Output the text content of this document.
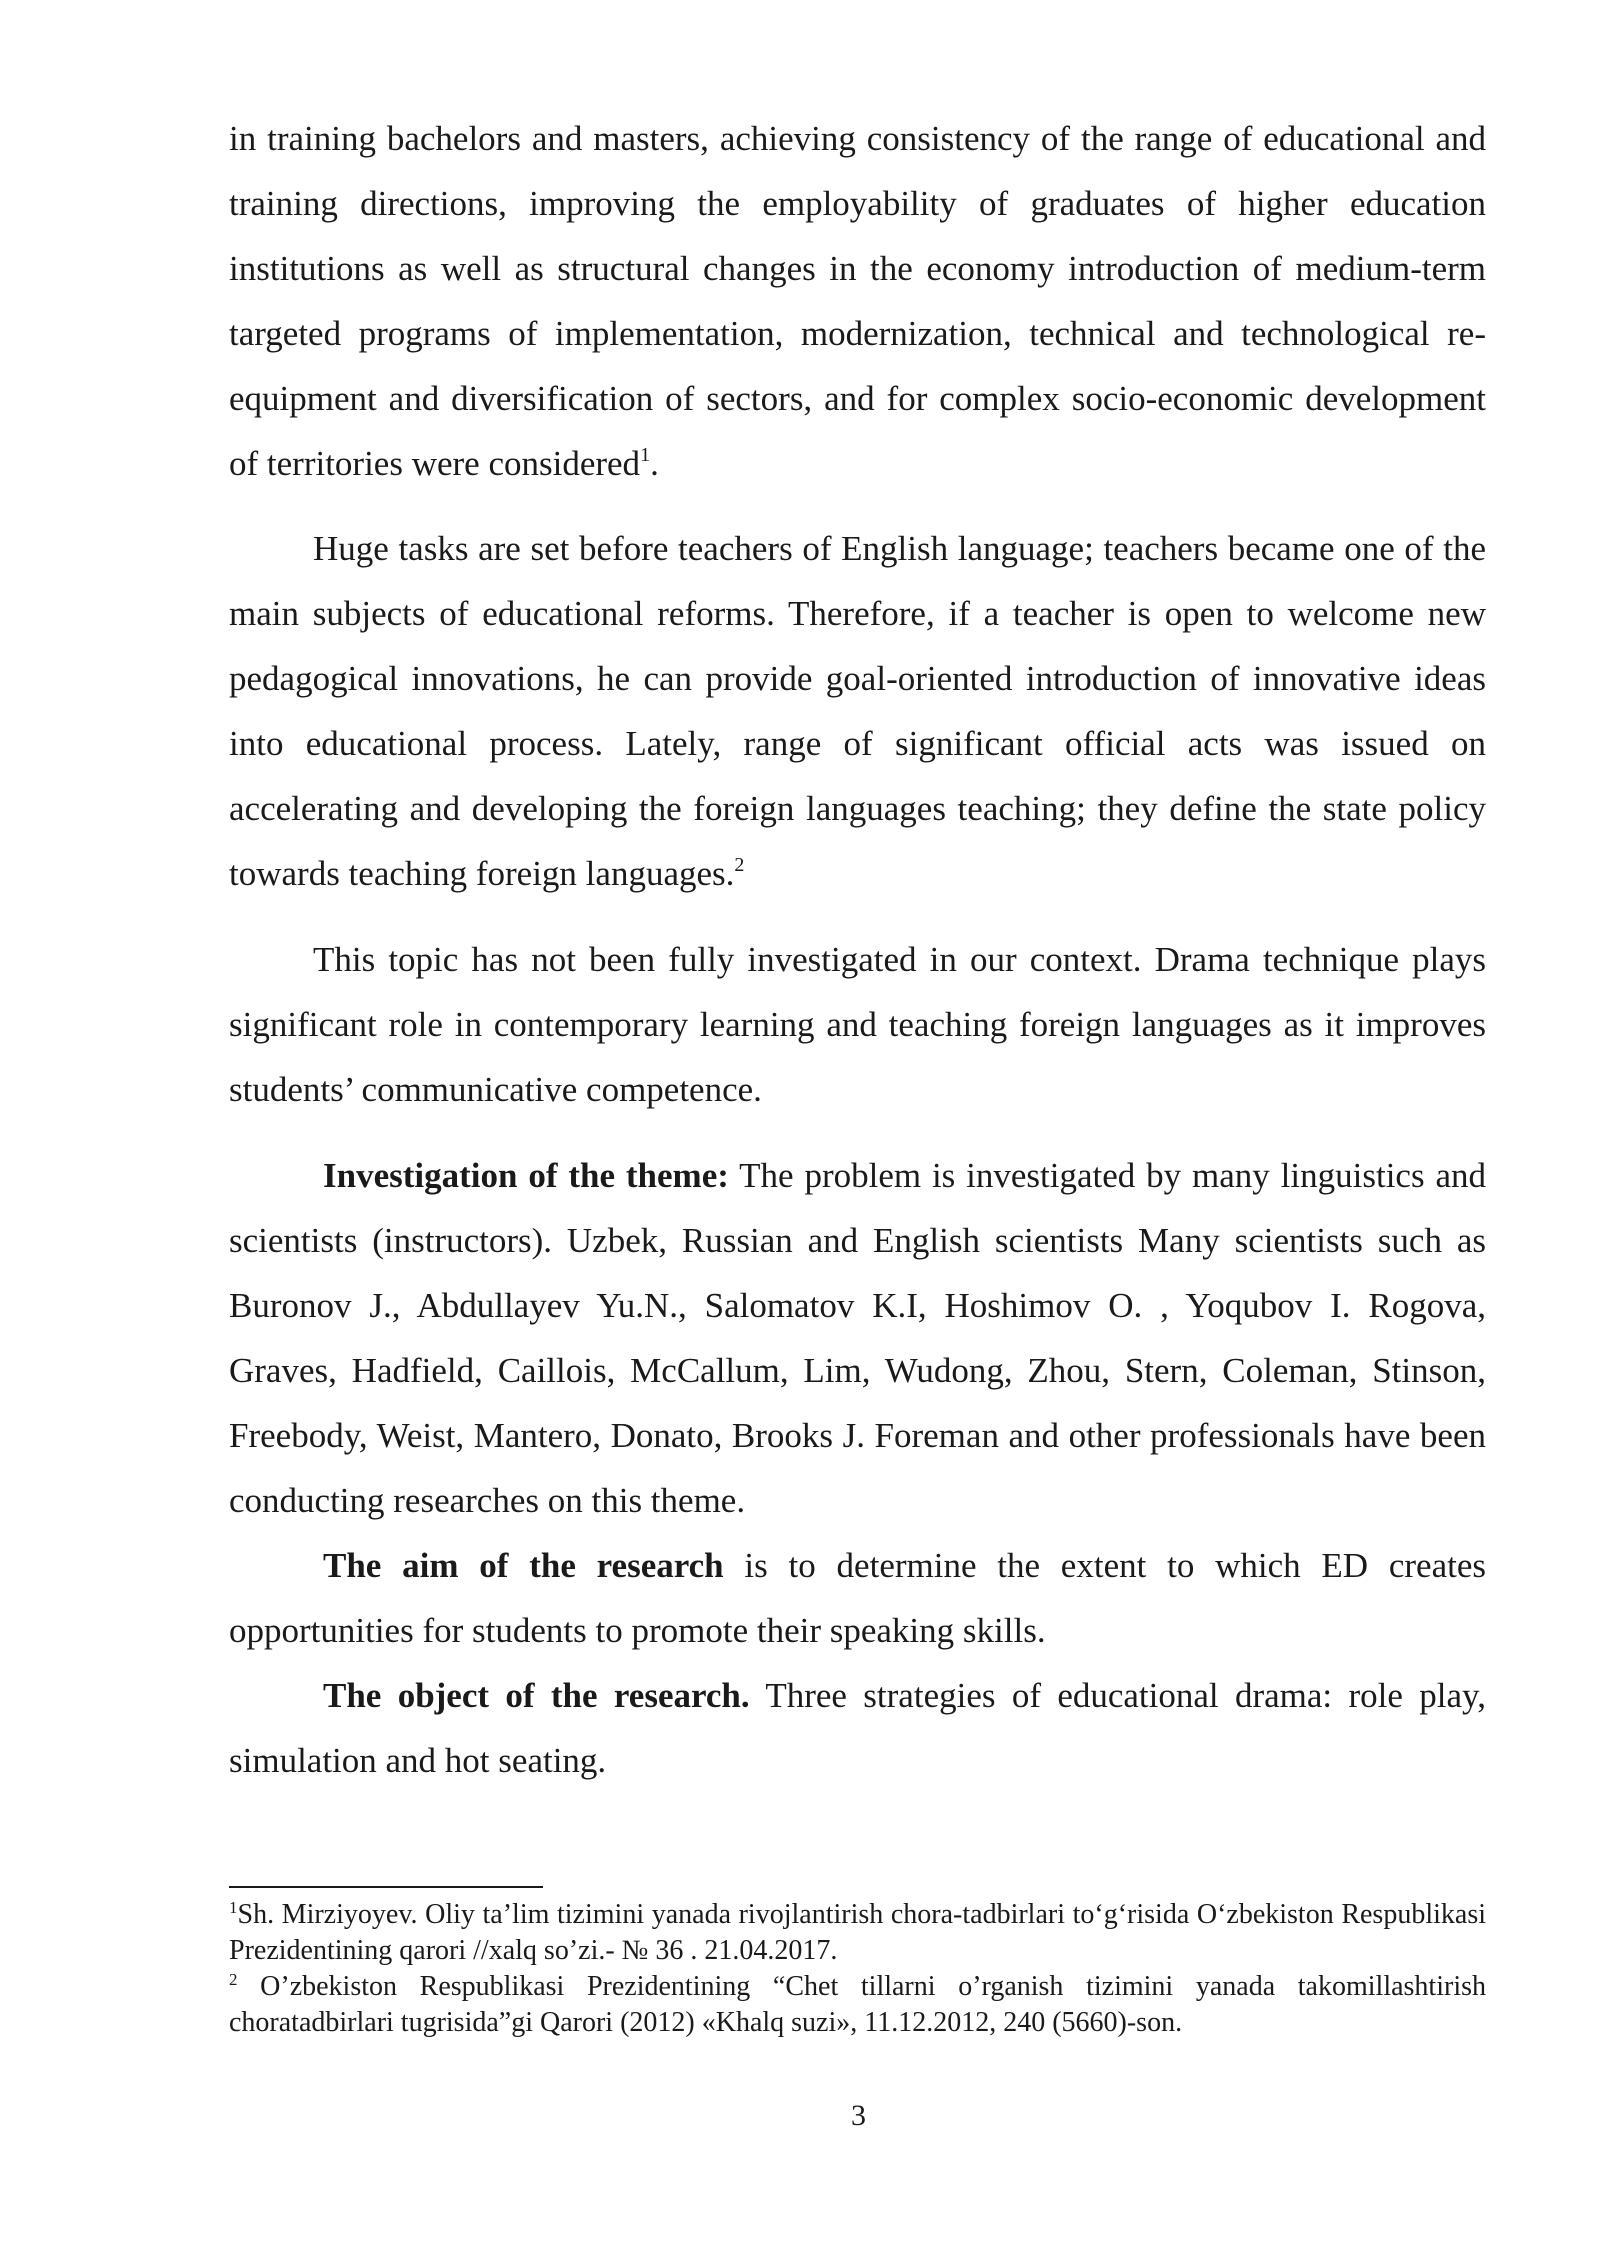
in training bachelors and masters, achieving consistency of the range of educational and training directions, improving the employability of graduates of higher education institutions as well as structural changes in the economy introduction of medium-term targeted programs of implementation, modernization, technical and technological re-equipment and diversification of sectors, and for complex socio-economic development of territories were considered$^1$.

Huge tasks are set before teachers of English language; teachers became one of the main subjects of educational reforms. Therefore, if a teacher is open to welcome new pedagogical innovations, he can provide goal-oriented introduction of innovative ideas into educational process. Lately, range of significant official acts was issued on accelerating and developing the foreign languages teaching; they define the state policy towards teaching foreign languages.$^2$

This topic has not been fully investigated in our context. Drama technique plays significant role in contemporary learning and teaching foreign languages as it improves students’ communicative competence.

Investigation of the theme: The problem is investigated by many linguistics and scientists (instructors). Uzbek, Russian and English scientists Many scientists such as Buronov J., Abdullayev Yu.N., Salomatov K.I, Hoshimov O. , Yoqubov I. Rogova, Graves, Hadfield, Caillois, McCallum, Lim, Wudong, Zhou, Stern, Coleman, Stinson, Freebody, Weist, Mantero, Donato, Brooks J. Foreman and other professionals have been conducting researches on this theme.

The aim of the research is to determine the extent to which ED creates opportunities for students to promote their speaking skills.

The object of the research. Three strategies of educational drama: role play, simulation and hot seating.

$^1$Sh. Mirziyoyev. Oliy ta’lim tizimini yanada rivojlantirish chora-tadbirlari to‘g‘risida O‘zbekiston Respublikasi Prezidentining qarori //xalq so’zi.- № 36 . 21.04.2017.

$^2$ O’zbekiston Respublikasi Prezidentining “Chet tillarni o’rganish tizimini yanada takomillashtirish choratadbirlari tugrisida”gi Qarori (2012) «Khalq suzi», 11.12.2012, 240 (5660)-son.

3
